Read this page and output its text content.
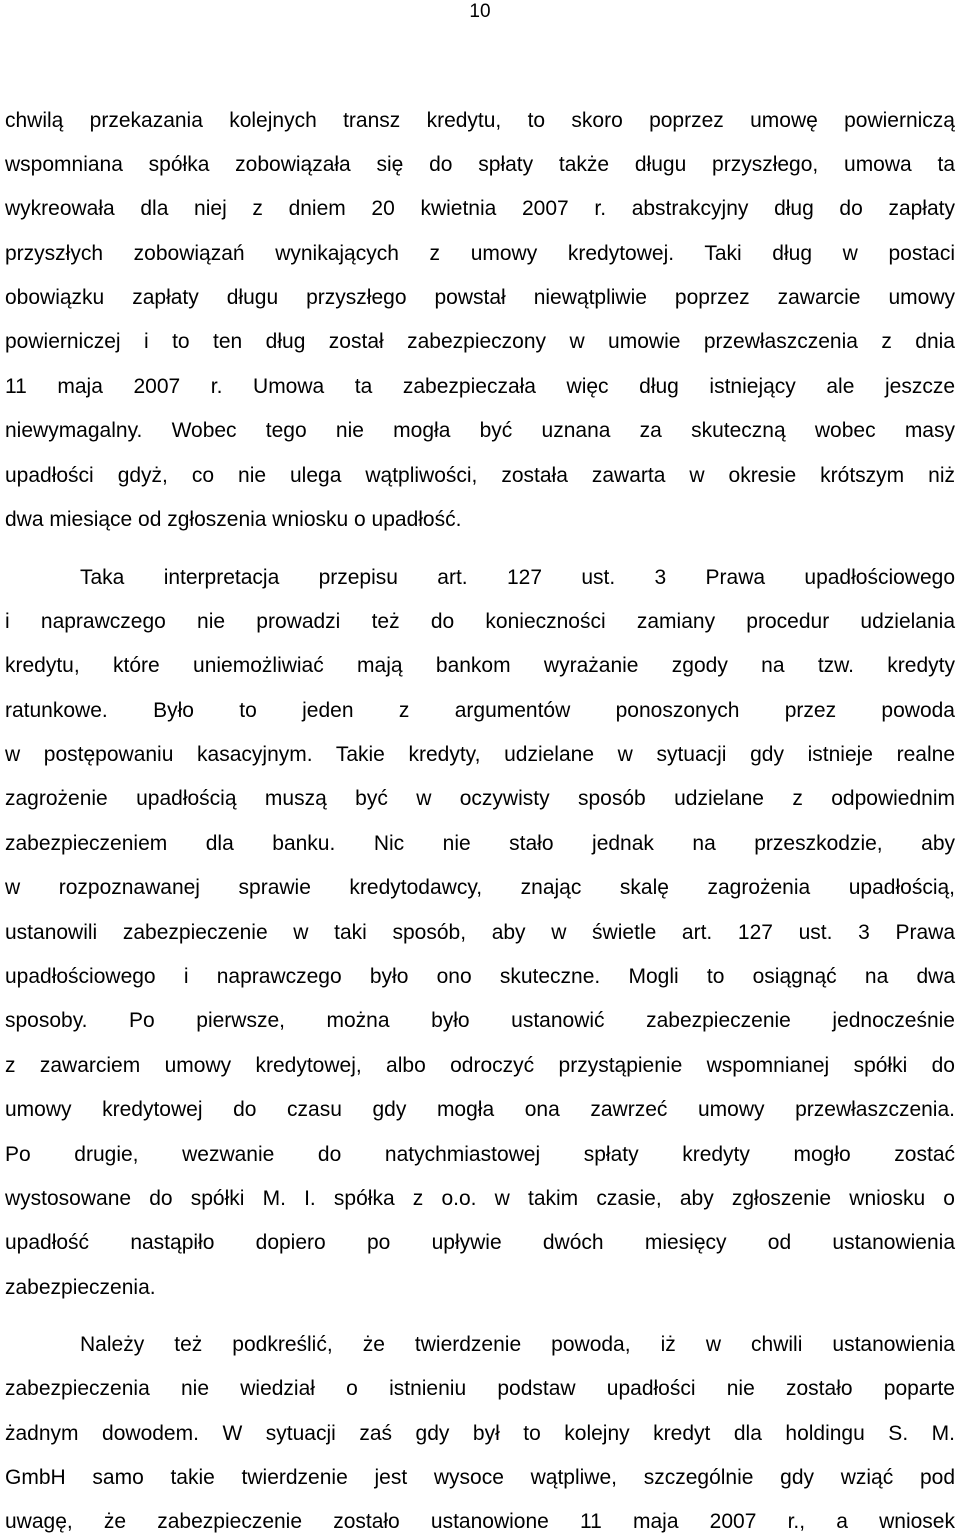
10
chwilą przekazania kolejnych transz kredytu, to skoro poprzez umowę powierniczą
wspomniana spółka zobowiązała się do spłaty także długu przyszłego, umowa ta
wykreowała dla niej z dniem 20 kwietnia 2007 r. abstrakcyjny dług do zapłaty
przyszłych zobowiązań wynikających z umowy kredytowej. Taki dług w postaci
obowiązku zapłaty długu przyszłego powstał niewątpliwie poprzez zawarcie umowy
powierniczej i to ten dług został zabezpieczony w umowie przewłaszczenia z dnia
11 maja 2007 r. Umowa ta zabezpieczała więc dług istniejący ale jeszcze
niewymagalny. Wobec tego nie mogła być uznana za skuteczną wobec masy
upadłości gdyż, co nie ulega wątpliwości, została zawarta w okresie krótszym niż
dwa miesiące od zgłoszenia wniosku o upadłość.
Taka interpretacja przepisu art. 127 ust. 3 Prawa upadłościowego
i naprawczego nie prowadzi też do konieczności zamiany procedur udzielania
kredytu, które uniemożliwiać mają bankom wyrażanie zgody na tzw. kredyty
ratunkowe. Było to jeden z argumentów ponoszonych przez powoda
w postępowaniu kasacyjnym. Takie kredyty, udzielane w sytuacji gdy istnieje realne
zagrożenie upadłością muszą być w oczywisty sposób udzielane z odpowiednim
zabezpieczeniem dla banku. Nic nie stało jednak na przeszkodzie, aby
w rozpoznawanej sprawie kredytodawcy, znając skalę zagrożenia upadłością,
ustanowili zabezpieczenie w taki sposób, aby w świetle art. 127 ust. 3 Prawa
upadłościowego i naprawczego było ono skuteczne. Mogli to osiągnąć na dwa
sposoby. Po pierwsze, można było ustanowić zabezpieczenie jednocześnie
z zawarciem umowy kredytowej, albo odroczyć przystąpienie wspomnianej spółki do
umowy kredytowej do czasu gdy mogła ona zawrzeć umowy przewłaszczenia.
Po drugie, wezwanie do natychmiastowej spłaty kredyty mogło zostać
wystosowane do spółki M. I. spółka z o.o. w takim czasie, aby zgłoszenie wniosku o
upadłość nastąpiło dopiero po upływie dwóch miesięcy od ustanowienia
zabezpieczenia.
Należy też podkreślić, że twierdzenie powoda, iż w chwili ustanowienia
zabezpieczenia nie wiedział o istnieniu podstaw upadłości nie zostało poparte
żadnym dowodem. W sytuacji zaś gdy był to kolejny kredyt dla holdingu S. M.
GmbH samo takie twierdzenie jest wysoce wątpliwe, szczególnie gdy wziąć pod
uwagę, że zabezpieczenie zostało ustanowione 11 maja 2007 r., a wniosek
